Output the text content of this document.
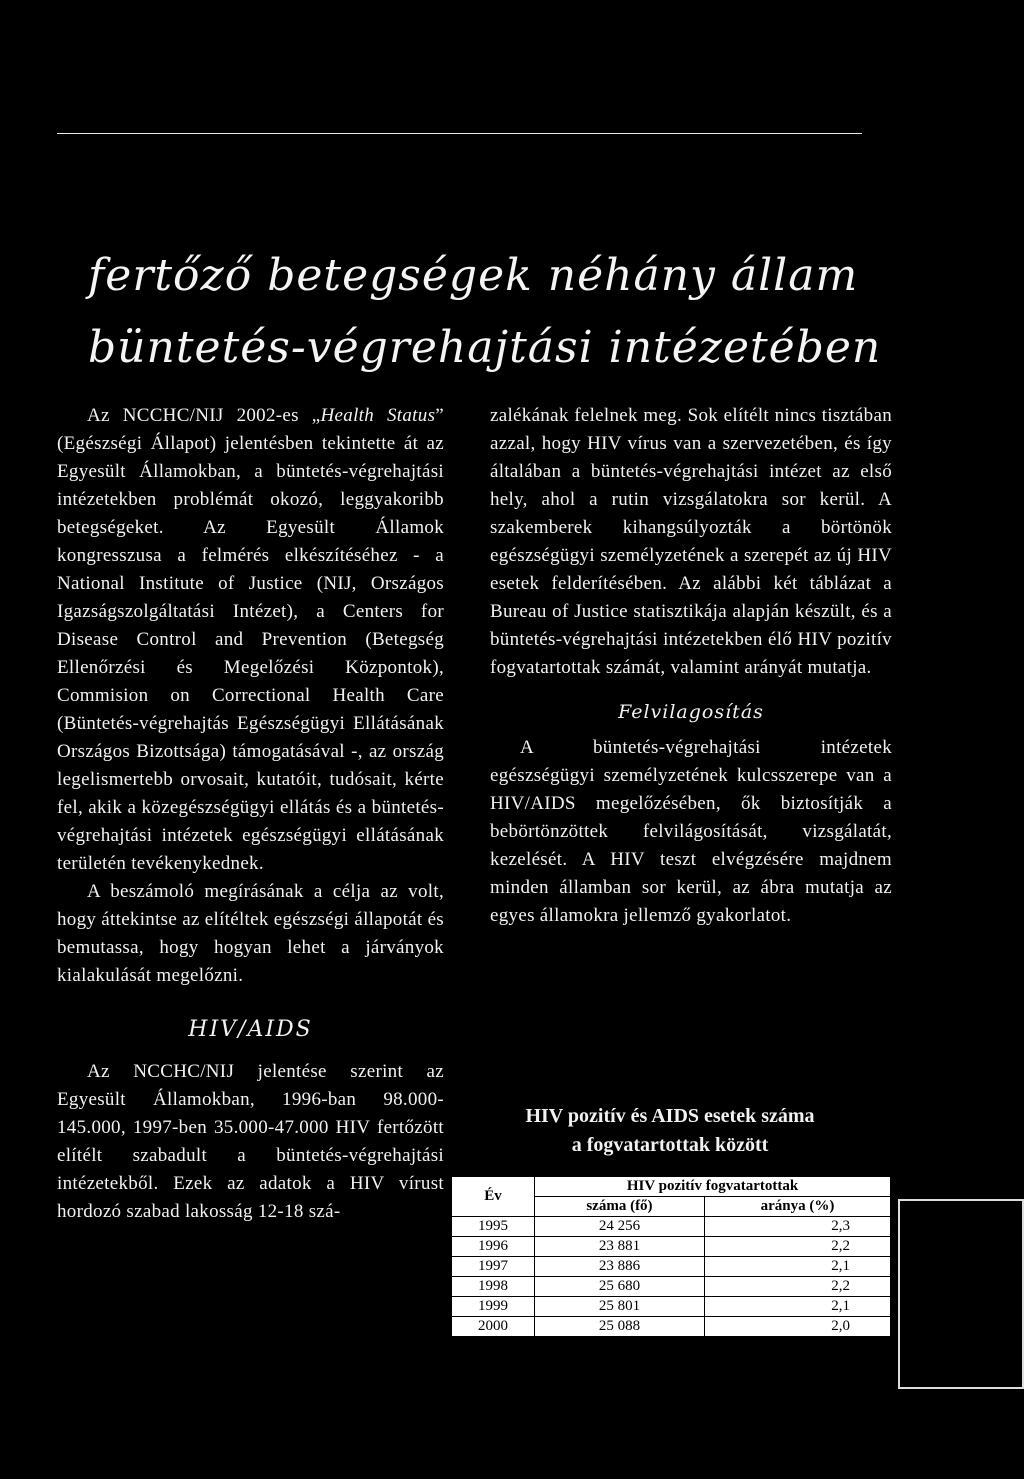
fertőző betegségek néhány állam
büntetés-végrehajtási intézetében

Az NCCHC/NIJ 2002-es „Health Status” (Egészségi Állapot) jelentésben tekintette át az Egyesült Államokban, a büntetés-végrehajtási intézetekben problémát okozó, leggyakoribb betegségeket. Az Egyesült Államok kongresszusa a felmérés elkészítéséhez - a National Institute of Justice (NIJ, Országos Igazságszolgáltatási Intézet), a Centers for Disease Control and Prevention (Betegség Ellenőrzési és Megelőzési Központok), Commision on Correctional Health Care (Büntetés-végrehajtás Egészségügyi Ellátásának Országos Bizottsága) támogatásával -, az ország legelismertebb orvosait, kutatóit, tudósait, kérte fel, akik a közegészségügyi ellátás és a büntetés-végrehajtási intézetek egészségügyi ellátásának területén tevékenykednek.

A beszámoló megírásának a célja az volt, hogy áttekintse az elítéltek egészségi állapotát és bemutassa, hogy hogyan lehet a járványok kialakulását megelőzni.

HIV/AIDS

Az NCCHC/NIJ jelentése szerint az Egyesült Államokban, 1996-ban 98.000-145.000, 1997-ben 35.000-47.000 HIV fertőzött elítélt szabadult a büntetés-végrehajtási intézetekből. Ezek az adatok a HIV vírust hordozó szabad lakosság 12-18 szá-

zalékának felelnek meg. Sok elítélt nincs tisztában azzal, hogy HIV vírus van a szervezetében, és így általában a büntetés-végrehajtási intézet az első hely, ahol a rutin vizsgálatokra sor kerül. A szakemberek kihangsúlyozták a börtönök egészségügyi személyzetének a szerepét az új HIV esetek felderítésében. Az alábbi két táblázat a Bureau of Justice statisztikája alapján készült, és a büntetés-végrehajtási intézetekben élő HIV pozitív fogvatartottak számát, valamint arányát mutatja.

Felvilagosítás

A büntetés-végrehajtási intézetek egészségügyi személyzetének kulcsszerepe van a HIV/AIDS megelőzésében, ők biztosítják a bebörtönzöttek felvilágosítását, vizsgálatát, kezelését. A HIV teszt elvégzésére majdnem minden államban sor kerül, az ábra mutatja az egyes államokra jellemző gyakorlatot.

HIV pozitív és AIDS esetek száma
a fogvatartottak között
Év	HIV pozitív fogvatartottak	
	száma (fő)	aránya (%)
1995	24 256	2,3
1996	23 881	2,2
1997	23 886	2,1
1998	25 680	2,2
1999	25 801	2,1
2000	25 088	2,0
